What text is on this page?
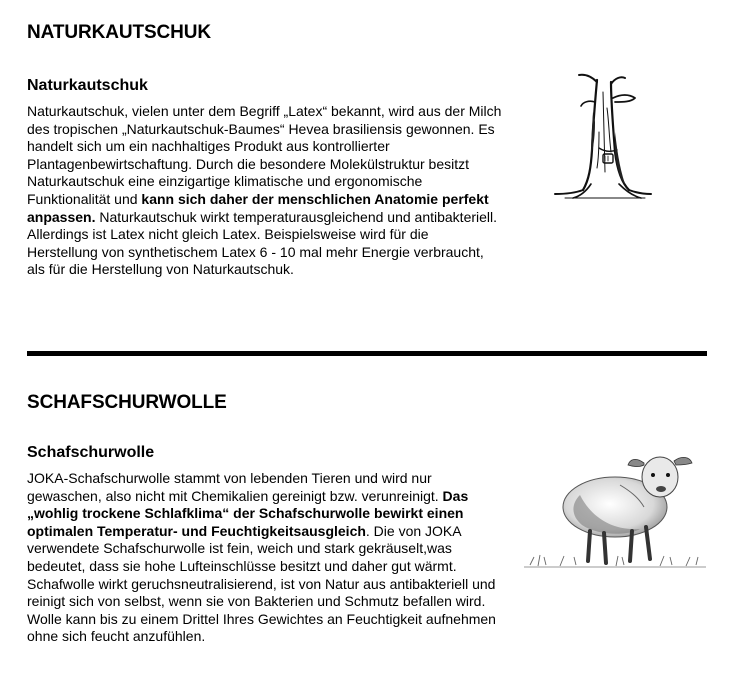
NATURKAUTSCHUK
Naturkautschuk

Naturkautschuk, vielen unter dem Begriff „Latex“ bekannt, wird aus der Milch des tropischen „Naturkautschuk-Baumes“ Hevea brasiliensis gewonnen. Es handelt sich um ein nachhaltiges Produkt aus kontrollierter Plantagenbewirtschaftung. Durch die besondere Molekülstruktur besitzt Naturkautschuk eine einzigartige klimatische und ergonomische Funktionalität und kann sich daher der menschlichen Anatomie perfekt anpassen. Naturkautschuk wirkt temperaturausgleichend und antibakteriell. Allerdings ist Latex nicht gleich Latex. Beispielsweise wird für die Herstellung von synthetischem Latex 6 - 10 mal mehr Energie verbraucht, als für die Herstellung von Naturkautschuk.

SCHAFSCHURWOLLE
Schafschurwolle

JOKA-Schafschurwolle stammt von lebenden Tieren und wird nur gewaschen, also nicht mit Chemikalien gereinigt bzw. verunreinigt. Das „wohlig trockene Schlafklima“ der Schafschurwolle bewirkt einen optimalen Temperatur- und Feuchtigkeitsausgleich. Die von JOKA verwendete Schafschurwolle ist fein, weich und stark gekräuselt,was bedeutet, dass sie hohe Lufteinschlüsse besitzt und daher gut wärmt. Schafwolle wirkt geruchsneutralisierend, ist von Natur aus antibakteriell und reinigt sich von selbst, wenn sie von Bakterien und Schmutz befallen wird. Wolle kann bis zu einem Drittel Ihres Gewichtes an Feuchtigkeit aufnehmen ohne sich feucht anzufühlen.
